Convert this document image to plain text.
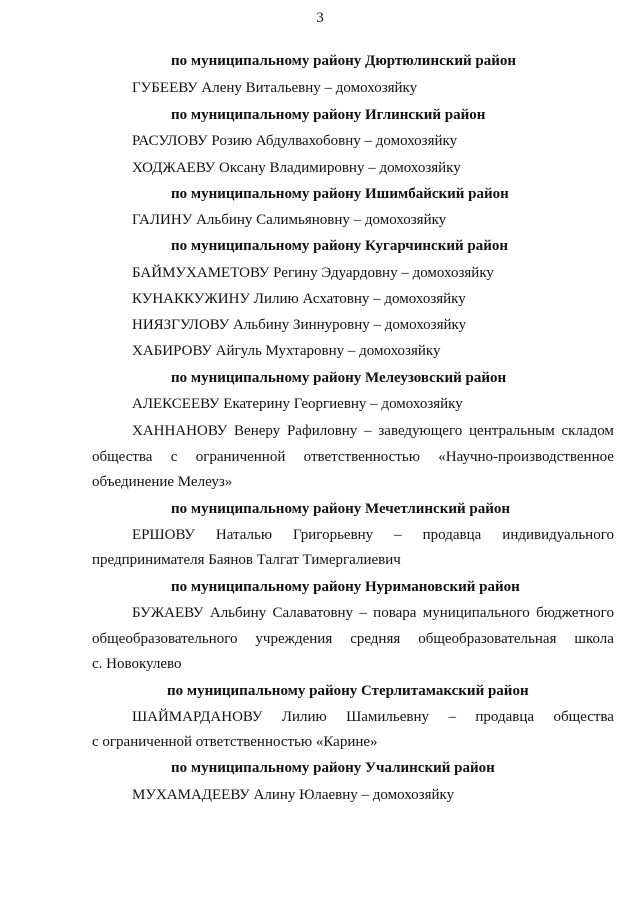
3
по муниципальному району Дюртюлинский район
ГУБЕЕВУ Алену Витальевну – домохозяйку
по муниципальному району Иглинский район
РАСУЛОВУ Розию Абдулвахобовну – домохозяйку
ХОДЖАЕВУ Оксану Владимировну – домохозяйку
по муниципальному району Ишимбайский район
ГАЛИНУ Альбину Салимьяновну – домохозяйку
по муниципальному району Кугарчинский район
БАЙМУХАМЕТОВУ Регину Эдуардовну – домохозяйку
КУНАККУЖИНУ Лилию Асхатовну – домохозяйку
НИЯЗГУЛОВУ Альбину Зиннуровну – домохозяйку
ХАБИРОВУ Айгуль Мухтаровну – домохозяйку
по муниципальному району Мелеузовский район
АЛЕКСЕЕВУ Екатерину Георгиевну – домохозяйку
ХАННАНОВУ Венеру Рафиловну – заведующего центральным складом
общества с ограниченной ответственностью «Научно-производственное
объединение Мелеуз»
по муниципальному району Мечетлинский район
ЕРШОВУ Наталью Григорьевну – продавца индивидуального
предпринимателя Баянов Талгат Тимергалиевич
по муниципальному району Нуримановский район
БУЖАЕВУ Альбину Салаватовну – повара муниципального бюджетного
общеобразовательного учреждения средняя общеобразовательная школа
с. Новокулево
по муниципальному району Стерлитамакский район
ШАЙМАРДАНОВУ Лилию Шамильевну – продавца общества
с ограниченной ответственностью «Карине»
по муниципальному району Учалинский район
МУХАМАДЕЕВУ Алину Юлаевну – домохозяйку
